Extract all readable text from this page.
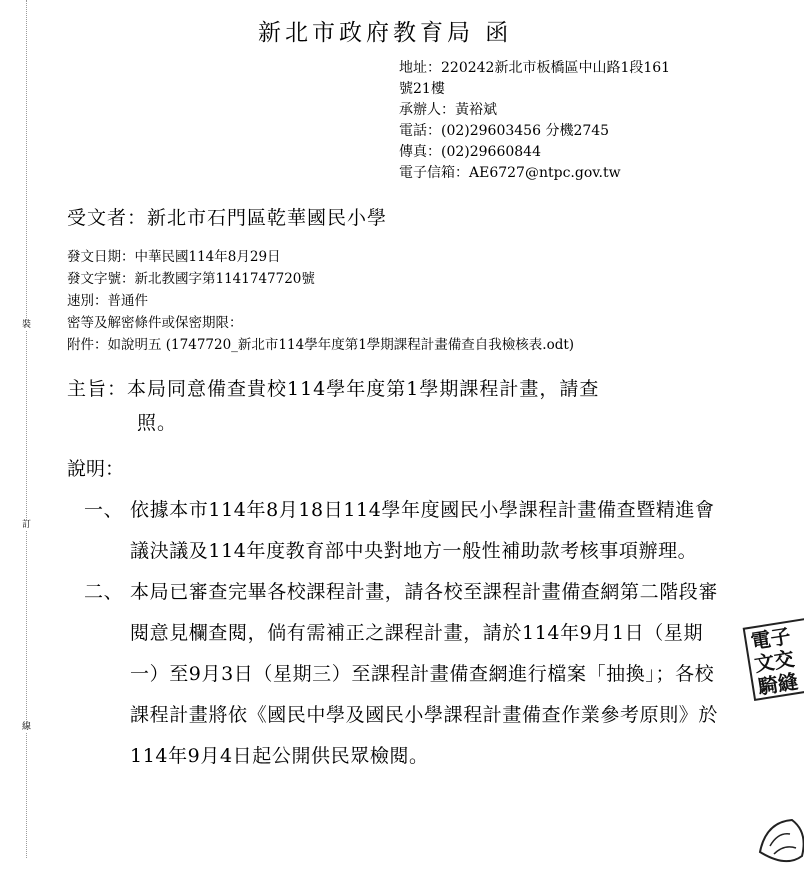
裝
訂
線
新北市政府教育局 函
地址：220242新北市板橋區中山路1段161
號21樓
承辦人：黃裕斌
電話：(02)29603456 分機2745
傳真：(02)29660844
電子信箱：AE6727@ntpc.gov.tw
受文者：新北市石門區乾華國民小學
發文日期：中華民國114年8月29日
發文字號：新北教國字第1141747720號
速別：普通件
密等及解密條件或保密期限：
附件：如說明五 (1747720_新北市114學年度第1學期課程計畫備查自我檢核表.odt)
主旨：本局同意備查貴校114學年度第1學期課程計畫，請查
照。
說明：
一、 依據本市114年8月18日114學年度國民小學課程計畫備查暨精進會議決議及114年度教育部中央對地方一般性補助款考核事項辦理。
二、 本局已審查完畢各校課程計畫，請各校至課程計畫備查網第二階段審閱意見欄查閱，倘有需補正之課程計畫，請於114年9月1日（星期一）至9月3日（星期三）至課程計畫備查網進行檔案「抽換」；各校課程計畫將依《國民中學及國民小學課程計畫備查作業參考原則》於114年9月4日起公開供民眾檢閱。
電子
文交
騎縫
